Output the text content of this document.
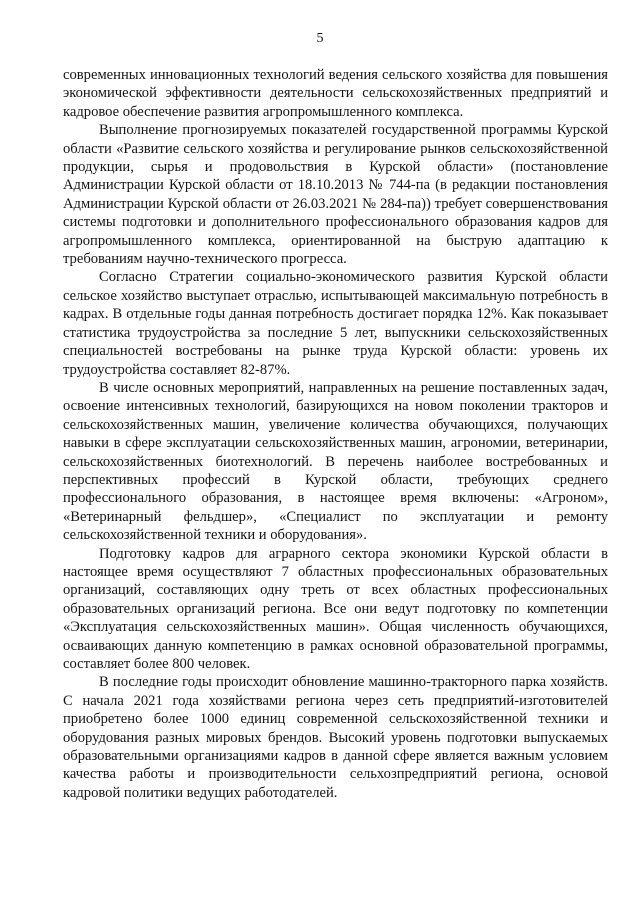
5

современных инновационных технологий ведения сельского хозяйства для повышения экономической эффективности деятельности сельскохозяйственных предприятий и кадровое обеспечение развития агропромышленного комплекса.

Выполнение прогнозируемых показателей государственной программы Курской области «Развитие сельского хозяйства и регулирование рынков сельскохозяйственной продукции, сырья и продовольствия в Курской области» (постановление Администрации Курской области от 18.10.2013 № 744-па (в редакции постановления Администрации Курской области от 26.03.2021 № 284-па)) требует совершенствования системы подготовки и дополнительного профессионального образования кадров для агропромышленного комплекса, ориентированной на быструю адаптацию к требованиям научно-технического прогресса.

Согласно Стратегии социально-экономического развития Курской области сельское хозяйство выступает отраслью, испытывающей максимальную потребность в кадрах. В отдельные годы данная потребность достигает порядка 12%. Как показывает статистика трудоустройства за последние 5 лет, выпускники сельскохозяйственных специальностей востребованы на рынке труда Курской области: уровень их трудоустройства составляет 82-87%.

В числе основных мероприятий, направленных на решение поставленных задач, освоение интенсивных технологий, базирующихся на новом поколении тракторов и сельскохозяйственных машин, увеличение количества обучающихся, получающих навыки в сфере эксплуатации сельскохозяйственных машин, агрономии, ветеринарии, сельскохозяйственных биотехнологий. В перечень наиболее востребованных и перспективных профессий в Курской области, требующих среднего профессионального образования, в настоящее время включены: «Агроном», «Ветеринарный фельдшер», «Специалист по эксплуатации и ремонту сельскохозяйственной техники и оборудования».

Подготовку кадров для аграрного сектора экономики Курской области в настоящее время осуществляют 7 областных профессиональных образовательных организаций, составляющих одну треть от всех областных профессиональных образовательных организаций региона. Все они ведут подготовку по компетенции «Эксплуатация сельскохозяйственных машин». Общая численность обучающихся, осваивающих данную компетенцию в рамках основной образовательной программы, составляет более 800 человек.

В последние годы происходит обновление машинно-тракторного парка хозяйств. С начала 2021 года хозяйствами региона через сеть предприятий-изготовителей приобретено более 1000 единиц современной сельскохозяйственной техники и оборудования разных мировых брендов. Высокий уровень подготовки выпускаемых образовательными организациями кадров в данной сфере является важным условием качества работы и производительности сельхозпредприятий региона, основой кадровой политики ведущих работодателей.
